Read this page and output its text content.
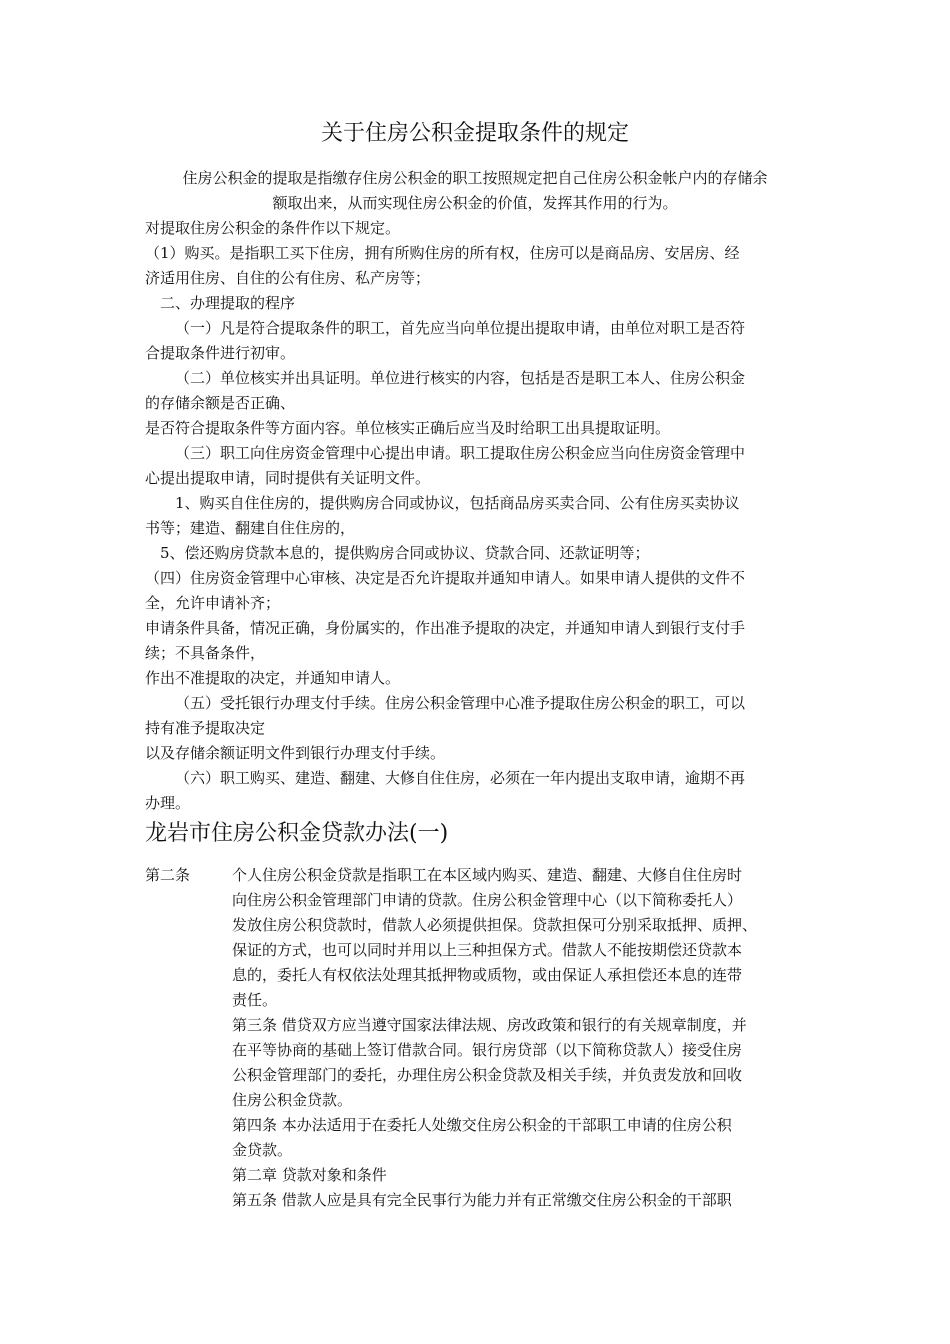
关于住房公积金提取条件的规定
住房公积金的提取是指缴存住房公积金的职工按照规定把自己住房公积金帐户内的存储余
额取出来，从而实现住房公积金的价值，发挥其作用的行为。
对提取住房公积金的条件作以下规定。
（1）购买。是指职工买下住房，拥有所购住房的所有权，住房可以是商品房、安居房、经
济适用住房、自住的公有住房、私产房等；
二、办理提取的程序
（一）凡是符合提取条件的职工，首先应当向单位提出提取申请，由单位对职工是否符
合提取条件进行初审。
（二）单位核实并出具证明。单位进行核实的内容，包括是否是职工本人、住房公积金
的存储余额是否正确、
是否符合提取条件等方面内容。单位核实正确后应当及时给职工出具提取证明。
（三）职工向住房资金管理中心提出申请。职工提取住房公积金应当向住房资金管理中
心提出提取申请，同时提供有关证明文件。
1、购买自住住房的，提供购房合同或协议，包括商品房买卖合同、公有住房买卖协议
书等；建造、翻建自住住房的，
5、偿还购房贷款本息的，提供购房合同或协议、贷款合同、还款证明等；
（四）住房资金管理中心审核、决定是否允许提取并通知申请人。如果申请人提供的文件不
全，允许申请补齐；
申请条件具备，情况正确，身份属实的，作出准予提取的决定，并通知申请人到银行支付手
续；不具备条件，
作出不准提取的决定，并通知申请人。
（五）受托银行办理支付手续。住房公积金管理中心准予提取住房公积金的职工，可以
持有准予提取决定
以及存储余额证明文件到银行办理支付手续。
（六）职工购买、建造、翻建、大修自住住房，必须在一年内提出支取申请，逾期不再
办理。
龙岩市住房公积金贷款办法(一)
第二条	个人住房公积金贷款是指职工在本区域内购买、建造、翻建、大修自住住房时
向住房公积金管理部门申请的贷款。住房公积金管理中心（以下简称委托人）
发放住房公积贷款时，借款人必须提供担保。贷款担保可分别采取抵押、质押、
保证的方式，也可以同时并用以上三种担保方式。借款人不能按期偿还贷款本
息的，委托人有权依法处理其抵押物或质物，或由保证人承担偿还本息的连带
责任。
第三条 借贷双方应当遵守国家法律法规、房改政策和银行的有关规章制度，并
在平等协商的基础上签订借款合同。银行房贷部（以下简称贷款人）接受住房
公积金管理部门的委托，办理住房公积金贷款及相关手续，并负责发放和回收
住房公积金贷款。
第四条 本办法适用于在委托人处缴交住房公积金的干部职工申请的住房公积
金贷款。
第二章 贷款对象和条件
第五条 借款人应是具有完全民事行为能力并有正常缴交住房公积金的干部职
